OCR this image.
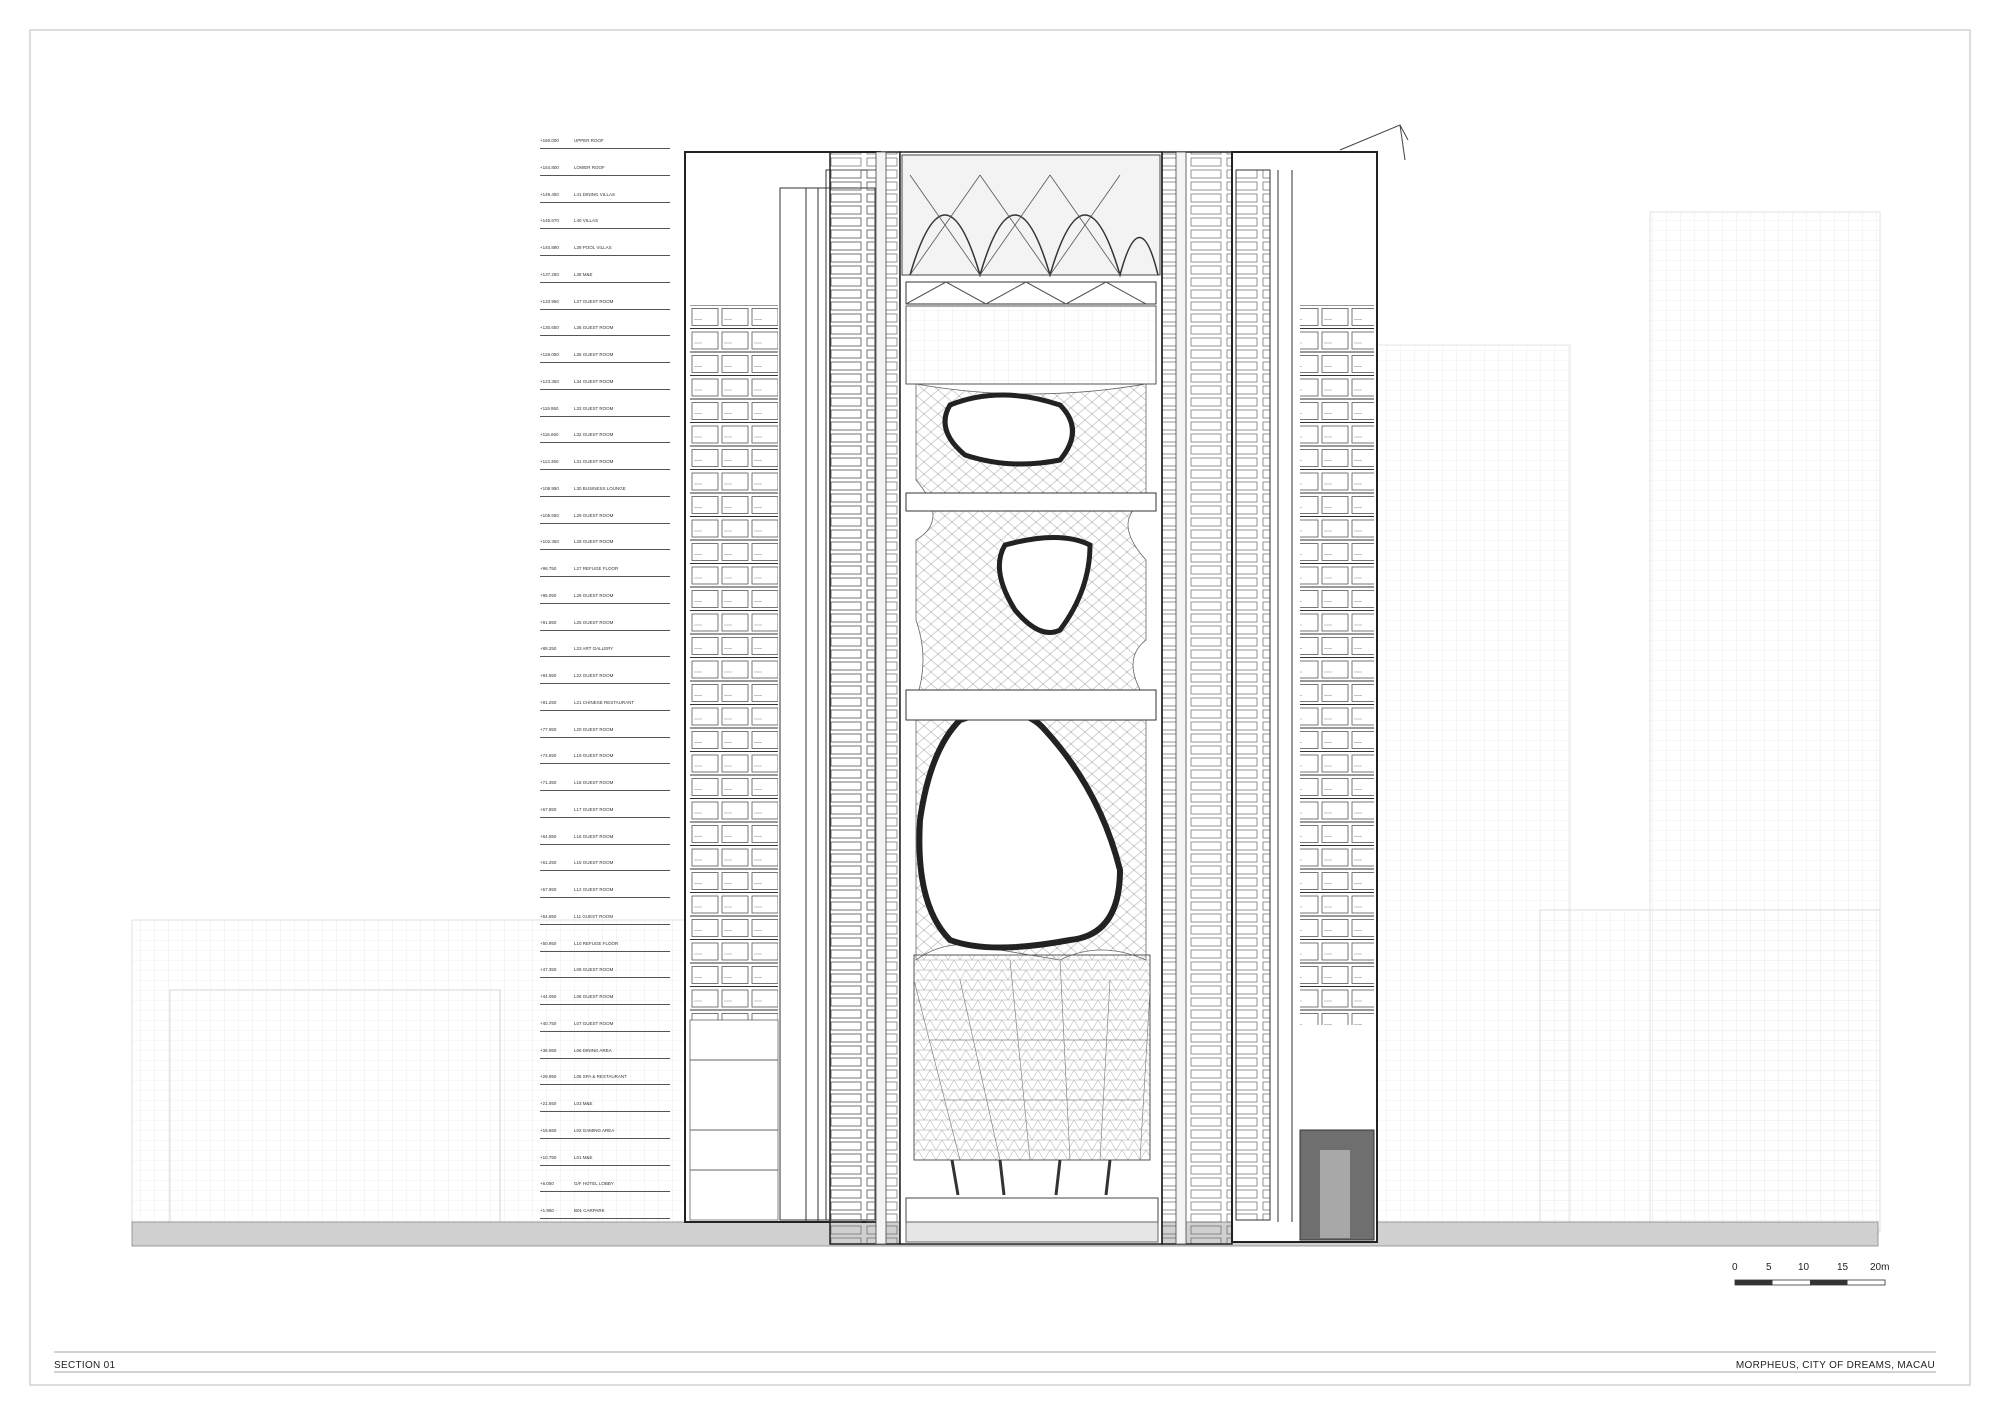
+160.000	UPPER ROOF
+154.800	LOWER ROOF
+149.450	L41 DINING VILLAS
+145.670	L40 VILLAS
+140.890	L39 POOL VILLAS
+137.250	L38 M&E
+133.950	L37 GUEST ROOM
+130.650	L36 GUEST ROOM
+126.050	L35 GUEST ROOM
+123.350	L34 GUEST ROOM
+119.950	L33 GUEST ROOM
+116.650	L32 GUEST ROOM
+113.350	L31 GUEST ROOM
+108.950	L30 BUSINESS LOUNGE
+105.650	L29 GUEST ROOM
+102.350	L28 GUEST ROOM
+98.750	L27 REFUGE FLOOR
+95.050	L26 GUEST ROOM
+91.850	L25 GUEST ROOM
+88.250	L23 ART GALLERY
+84.950	L22 GUEST ROOM
+81.250	L21 CHINESE RESTAURANT
+77.950	L20 GUEST ROOM
+74.650	L19 GUEST ROOM
+71.350	L18 GUEST ROOM
+67.850	L17 GUEST ROOM
+64.550	L16 GUEST ROOM
+61.250	L15 GUEST ROOM
+57.950	L12 GUEST ROOM
+54.650	L11 GUEST ROOM
+50.950	L10 REFUGE FLOOR
+47.350	L09 GUEST ROOM
+44.050	L08 GUEST ROOM
+40.750	L07 GUEST ROOM
+36.050	L06 DINING AREA
+29.950	L05 SPA & RESTAURANT
+21.650	L03 M&E
+15.650	L02 GAMING AREA
+10.750	L01 M&E
+6.050	G/F HOTEL LOBBY
+1.950	B01 CARPARK
0	5	10	15 20m
SECTION 01	MORPHEUS, CITY OF DREAMS, MACAU
